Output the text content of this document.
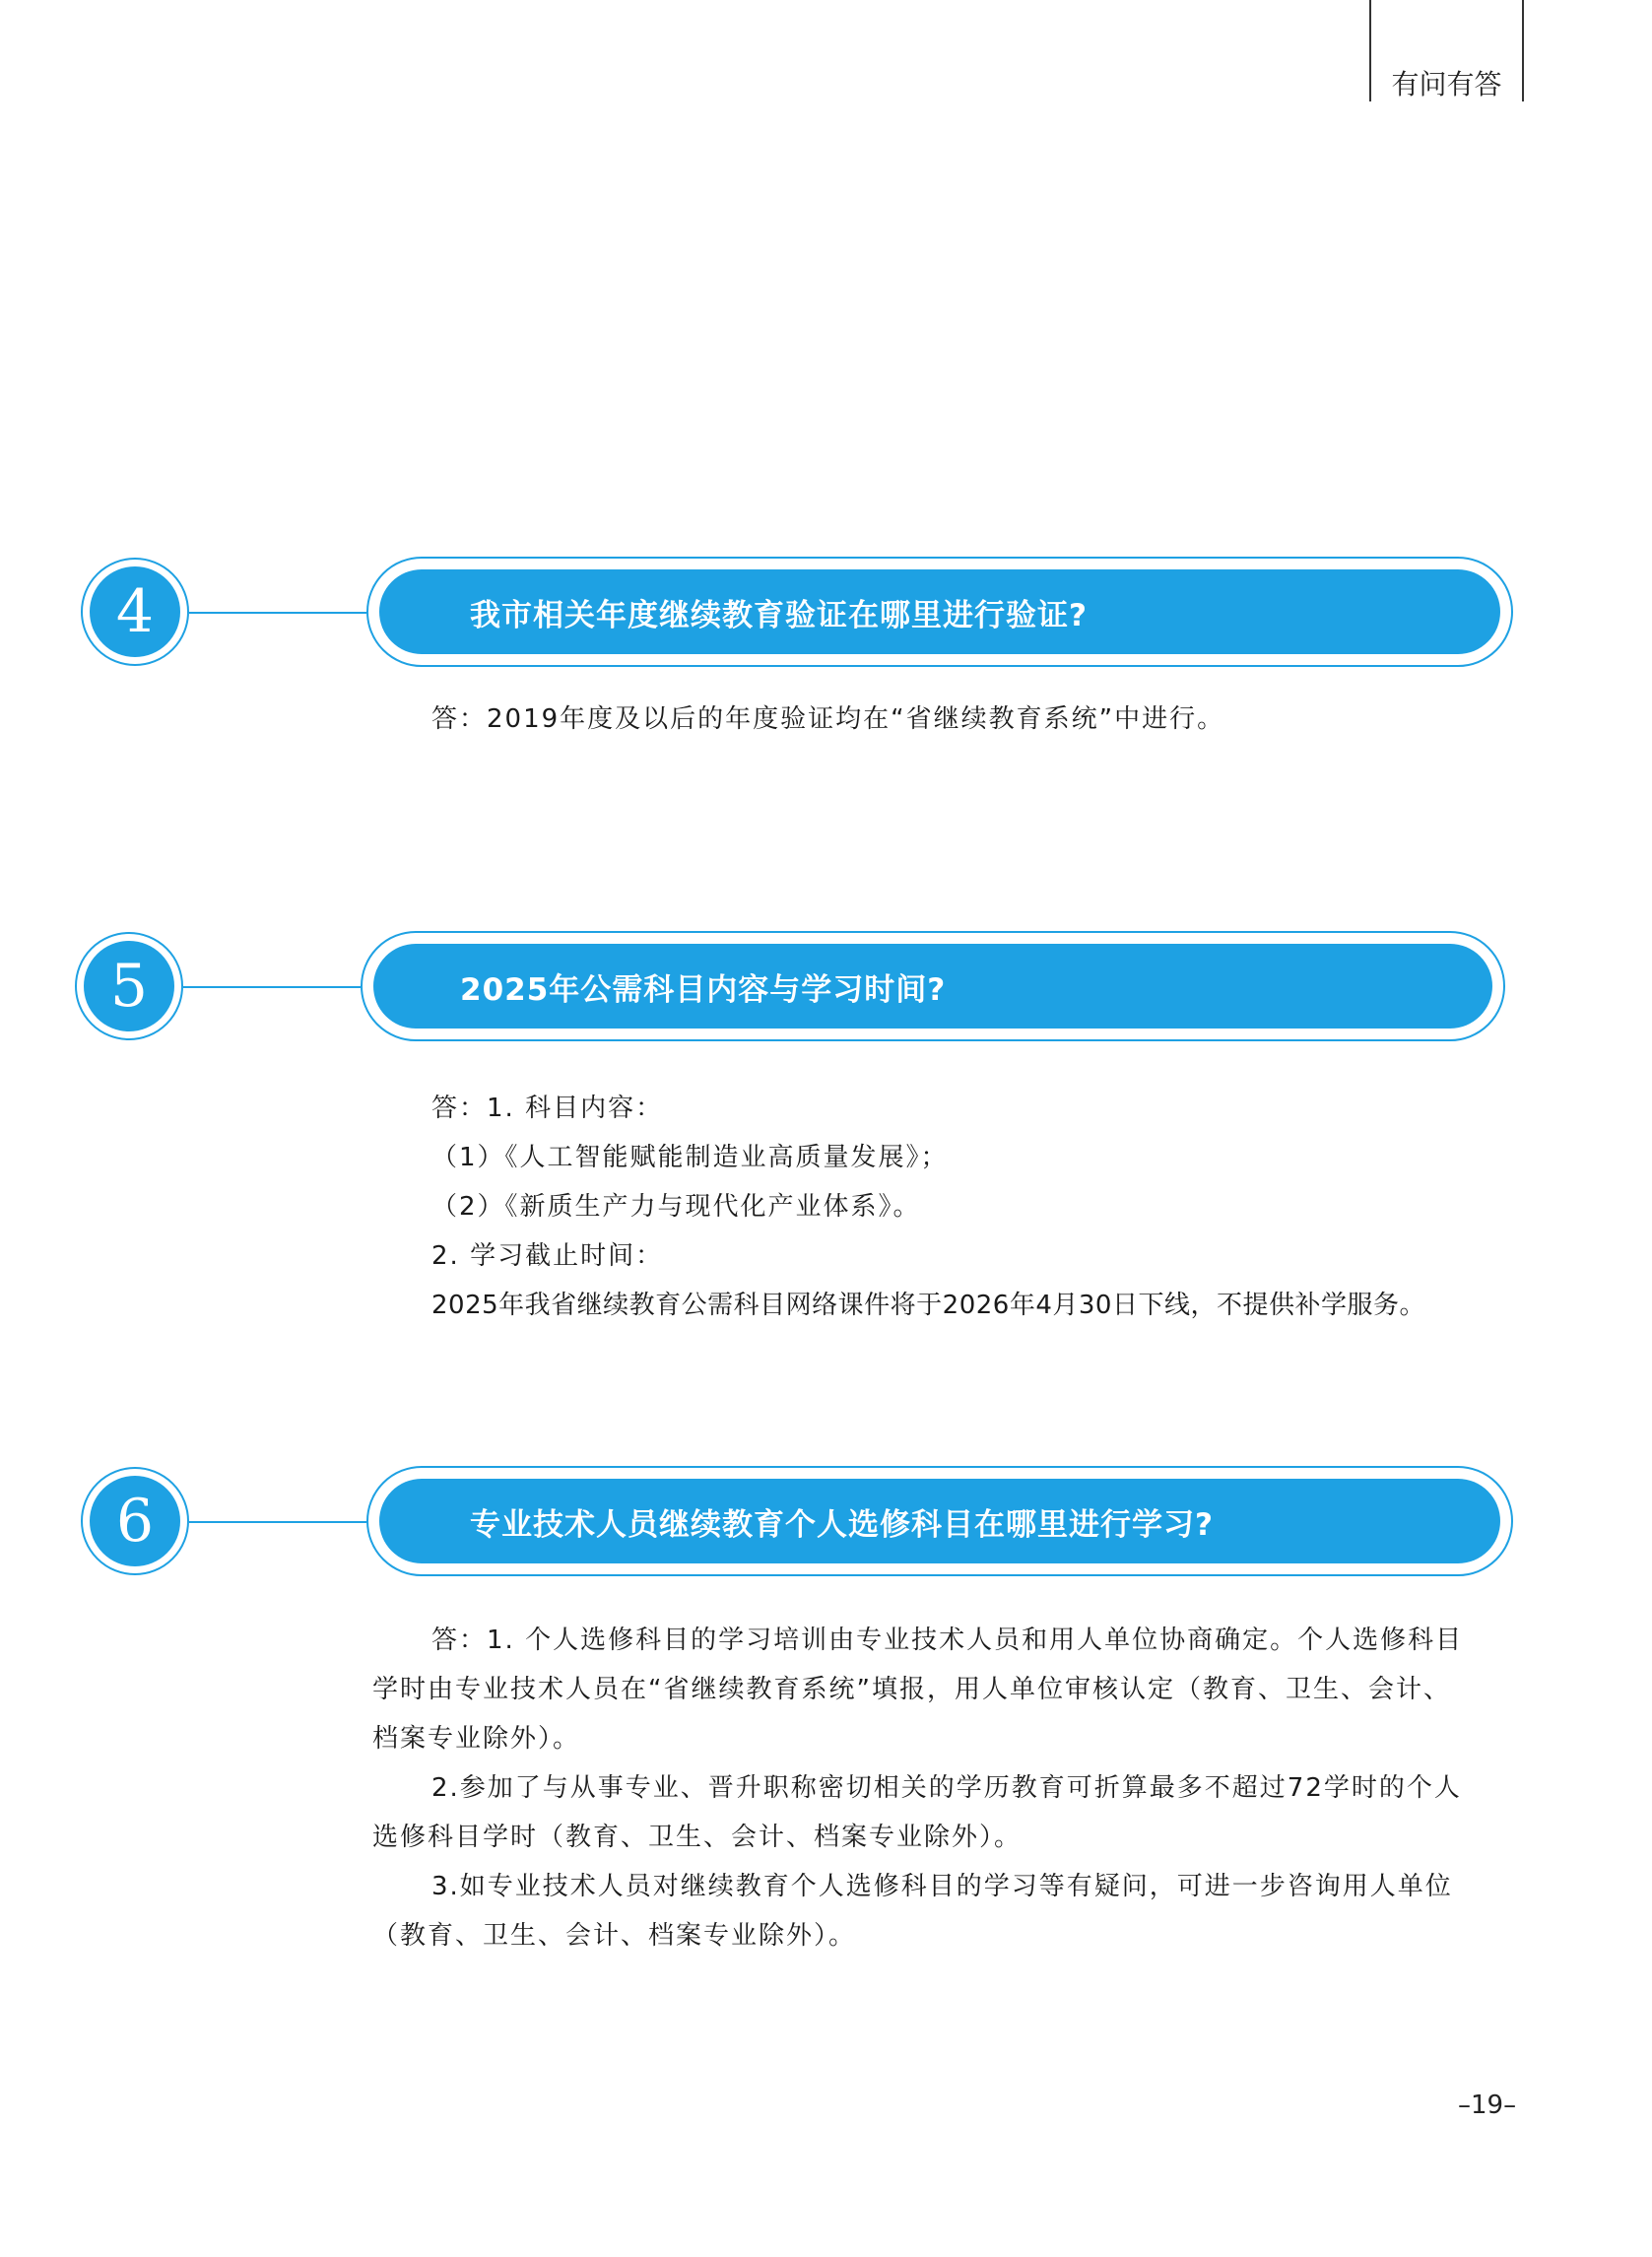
有问有答
4	我市相关年度继续教育验证在哪里进行验证?

答：2019年度及以后的年度验证均在“省继续教育系统”中进行。

5	2025年公需科目内容与学习时间?

答：1. 科目内容：

（1）《人工智能赋能制造业高质量发展》；

（2）《新质生产力与现代化产业体系》。

2. 学习截止时间：

2025年我省继续教育公需科目网络课件将于2026年4月30日下线，不提供补学服务。

6	专业技术人员继续教育个人选修科目在哪里进行学习?

答：1. 个人选修科目的学习培训由专业技术人员和用人单位协商确定。个人选修科目学时由专业技术人员在“省继续教育系统”填报，用人单位审核认定（教育、卫生、会计、档案专业除外）。

2.参加了与从事专业、晋升职称密切相关的学历教育可折算最多不超过72学时的个人选修科目学时（教育、卫生、会计、档案专业除外）。

3.如专业技术人员对继续教育个人选修科目的学习等有疑问，可进一步咨询用人单位（教育、卫生、会计、档案专业除外）。

–19–
